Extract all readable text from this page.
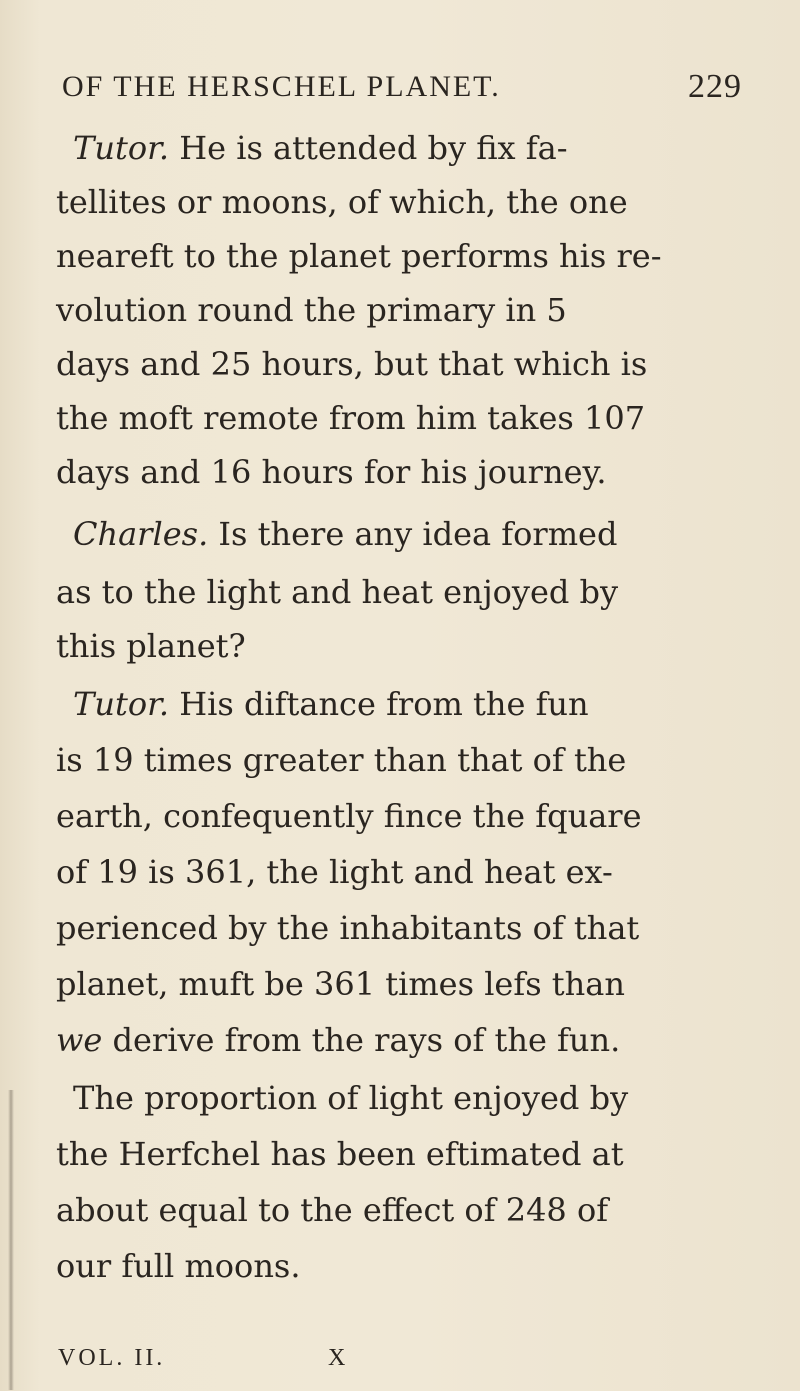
OF THE HERSCHEL PLANET.	229
Tutor. He is attended by fix fa-
tellites or moons, of which, the one
neareft to the planet performs his re-
volution round the primary in 5
days and 25 hours, but that which is
the moft remote from him takes 107
days and 16 hours for his journey.
Charles. Is there any idea formed
as to the light and heat enjoyed by
this planet?
Tutor. His diftance from the fun
is 19 times greater than that of the
earth, confequently fince the fquare
of 19 is 361, the light and heat ex-
perienced by the inhabitants of that
planet, muft be 361 times lefs than
we derive from the rays of the fun.
The proportion of light enjoyed by
the Herfchel has been eftimated at
about equal to the effect of 248 of
our full moons.
VOL. II.	X
